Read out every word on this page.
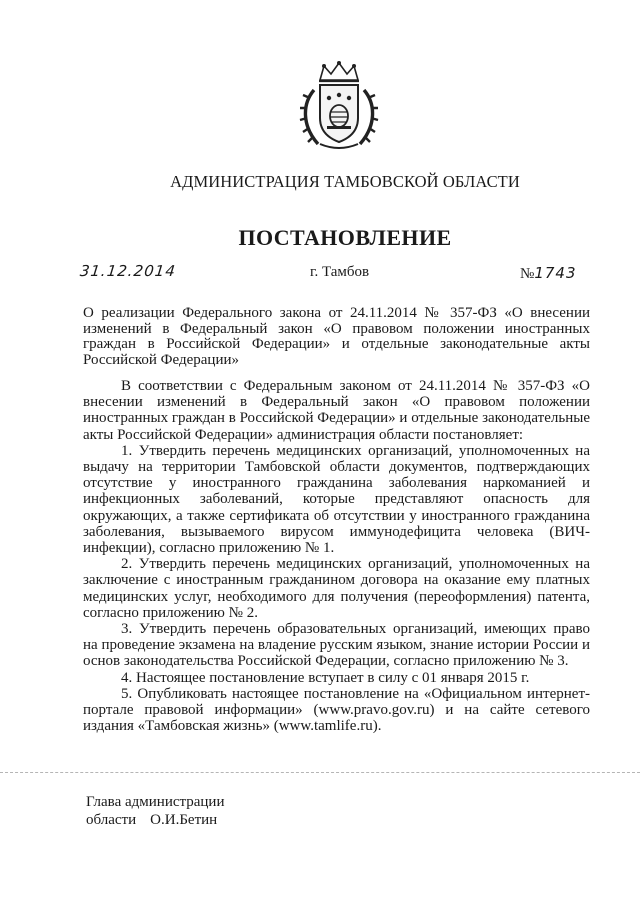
АДМИНИСТРАЦИЯ ТАМБОВСКОЙ ОБЛАСТИ
ПОСТАНОВЛЕНИЕ
31.12.2014	г. Тамбов	№1743
О реализации Федерального закона от 24.11.2014 № 357-ФЗ «О внесении изменений в Федеральный закон «О правовом положении иностранных граждан в Российской Федерации» и отдельные законодательные акты Российской Федерации»

В соответствии с Федеральным законом от 24.11.2014 № 357-ФЗ «О внесении изменений в Федеральный закон «О правовом положении иностранных граждан в Российской Федерации» и отдельные законодательные акты Российской Федерации» администрация области постановляет:

1. Утвердить перечень медицинских организаций, уполномоченных на выдачу на территории Тамбовской области документов, подтверждающих отсутствие у иностранного гражданина заболевания наркоманией и инфекционных заболеваний, которые представляют опасность для окружающих, а также сертификата об отсутствии у иностранного гражданина заболевания, вызываемого вирусом иммунодефицита человека (ВИЧ-инфекции), согласно приложению № 1.

2. Утвердить перечень медицинских организаций, уполномоченных на заключение с иностранным гражданином договора на оказание ему платных медицинских услуг, необходимого для получения (переоформления) патента, согласно приложению № 2.

3. Утвердить перечень образовательных организаций, имеющих право на проведение экзамена на владение русским языком, знание истории России и основ законодательства Российской Федерации, согласно приложению № 3.

4. Настоящее постановление вступает в силу с 01 января 2015 г.

5. Опубликовать настоящее постановление на «Официальном интернет-портале правовой информации» (www.pravo.gov.ru) и на сайте сетевого издания «Тамбовская жизнь» (www.tamlife.ru).

Глава администрации
области О.И.Бетин
